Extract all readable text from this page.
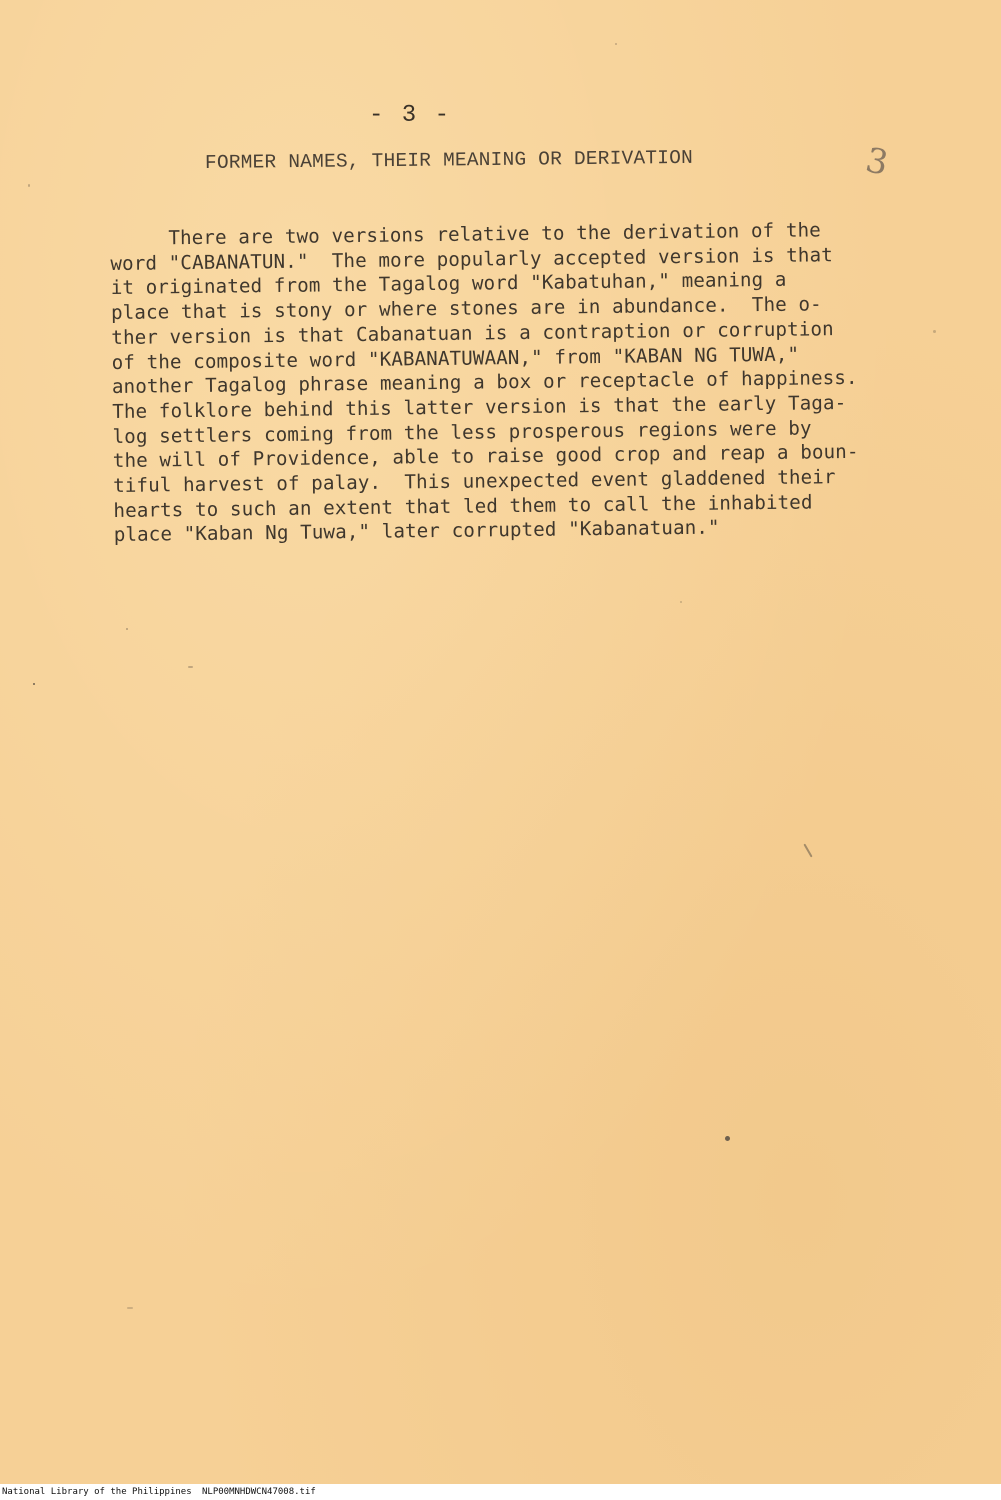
- 3 -
FORMER NAMES, THEIR MEANING OR DERIVATION	3
There are two versions relative to the derivation of the
word "CABANATUN."  The more popularly accepted version is that
it originated from the Tagalog word "Kabatuhan," meaning a
place that is stony or where stones are in abundance.  The o-
ther version is that Cabanatuan is a contraption or corruption
of the composite word "KABANATUWAAN," from "KABAN NG TUWA,"
another Tagalog phrase meaning a box or receptacle of happiness.
The folklore behind this latter version is that the early Taga-
log settlers coming from the less prosperous regions were by
the will of Providence, able to raise good crop and reap a boun-
tiful harvest of palay.  This unexpected event gladdened their
hearts to such an extent that led them to call the inhabited
place "Kaban Ng Tuwa," later corrupted "Kabanatuan."
National Library of the Philippines NLP00MNHDWCN47008.tif
